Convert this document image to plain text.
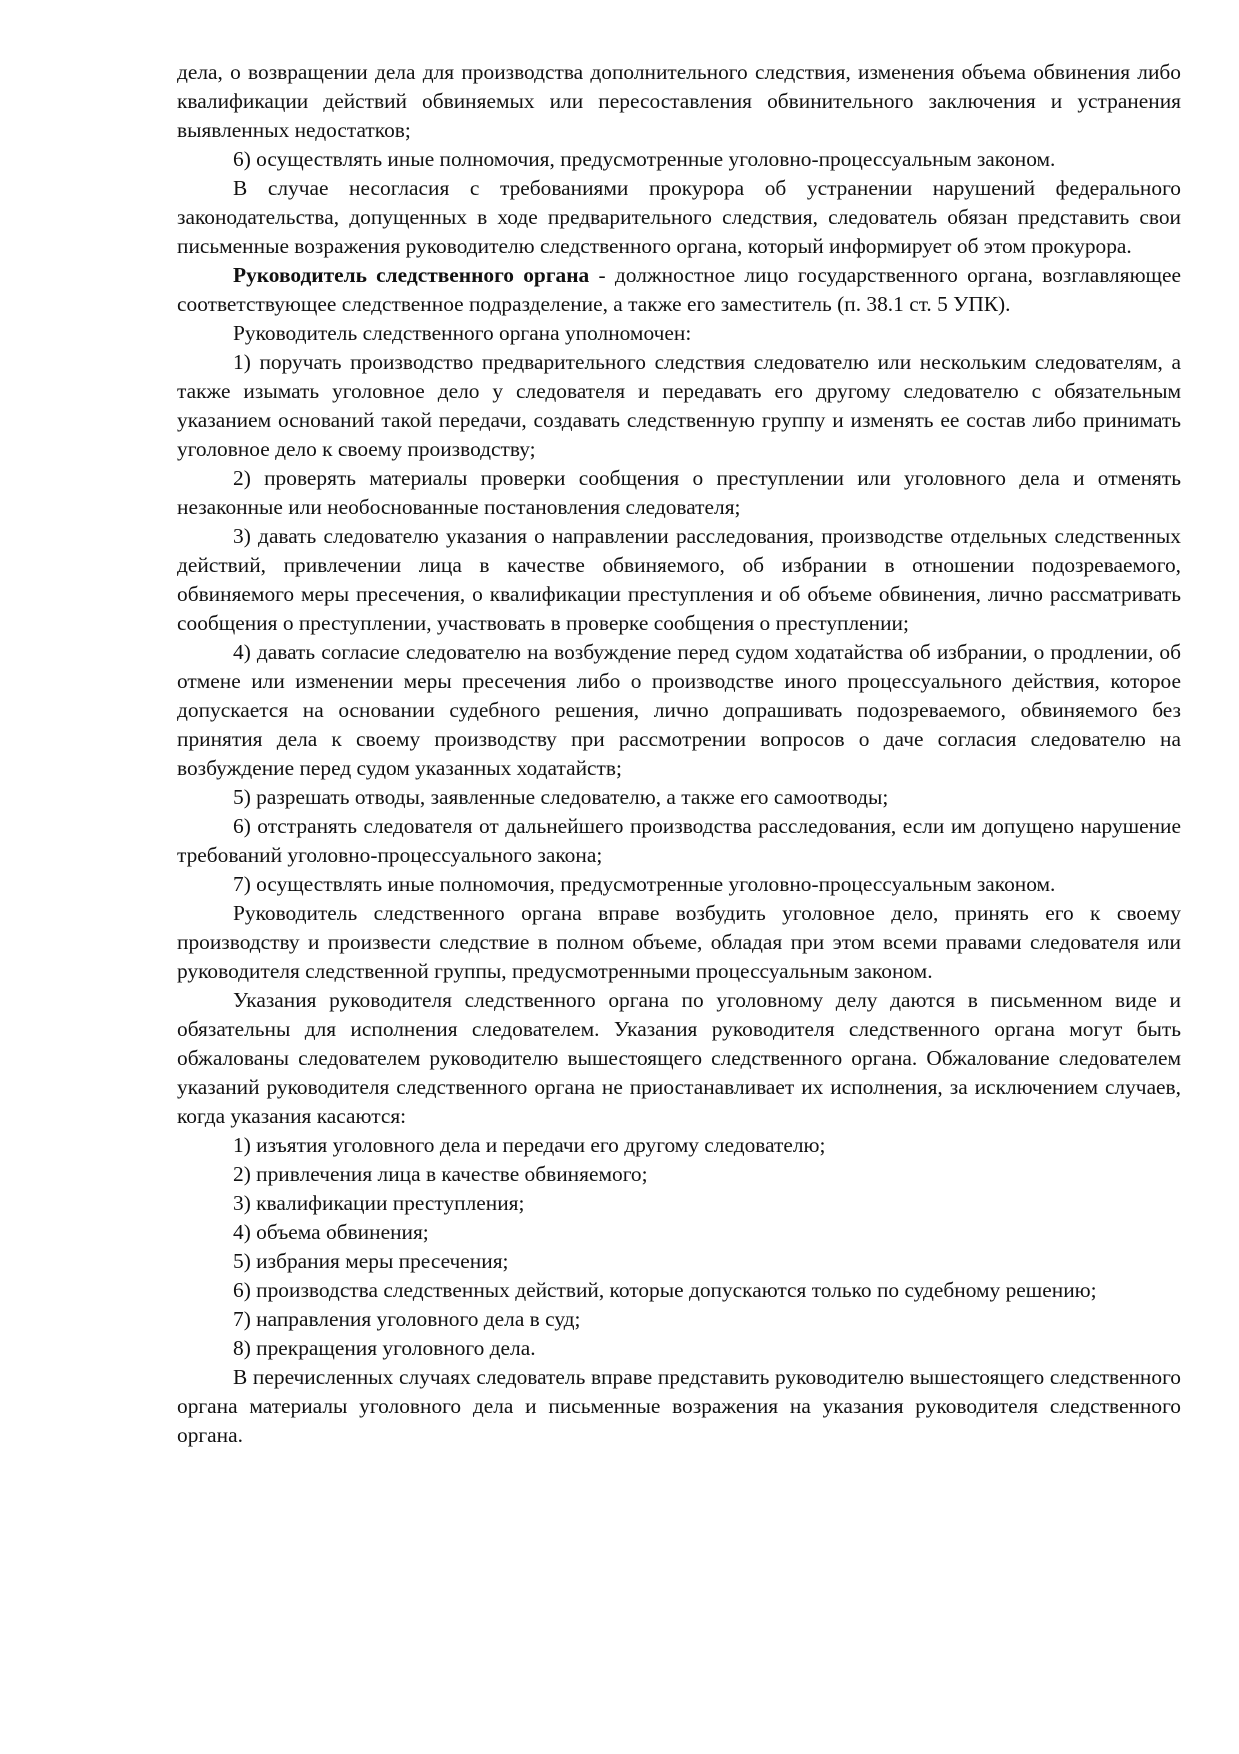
дела, о возвращении дела для производства дополнительного следствия, изменения объема обвинения либо квалификации действий обвиняемых или пересоставления обвинительного заключения и устранения выявленных недостатков;

6) осуществлять иные полномочия, предусмотренные уголовно-процессуальным законом.

В случае несогласия с требованиями прокурора об устранении нарушений федерального законодательства, допущенных в ходе предварительного следствия, следователь обязан представить свои письменные возражения руководителю следственного органа, который информирует об этом прокурора.

Руководитель следственного органа - должностное лицо государственного органа, возглавляющее соответствующее следственное подразделение, а также его заместитель (п. 38.1 ст. 5 УПК).

Руководитель следственного органа уполномочен:

1) поручать производство предварительного следствия следователю или нескольким следователям, а также изымать уголовное дело у следователя и передавать его другому следователю с обязательным указанием оснований такой передачи, создавать следственную группу и изменять ее состав либо принимать уголовное дело к своему производству;

2) проверять материалы проверки сообщения о преступлении или уголовного дела и отменять незаконные или необоснованные постановления следователя;

3) давать следователю указания о направлении расследования, производстве отдельных следственных действий, привлечении лица в качестве обвиняемого, об избрании в отношении подозреваемого, обвиняемого меры пресечения, о квалификации преступления и об объеме обвинения, лично рассматривать сообщения о преступлении, участвовать в проверке сообщения о преступлении;

4) давать согласие следователю на возбуждение перед судом ходатайства об избрании, о продлении, об отмене или изменении меры пресечения либо о производстве иного процессуального действия, которое допускается на основании судебного решения, лично допрашивать подозреваемого, обвиняемого без принятия дела к своему производству при рассмотрении вопросов о даче согласия следователю на возбуждение перед судом указанных ходатайств;

5) разрешать отводы, заявленные следователю, а также его самоотводы;

6) отстранять следователя от дальнейшего производства расследования, если им допущено нарушение требований уголовно-процессуального закона;

7) осуществлять иные полномочия, предусмотренные уголовно-процессуальным законом.

Руководитель следственного органа вправе возбудить уголовное дело, принять его к своему производству и произвести следствие в полном объеме, обладая при этом всеми правами следователя или руководителя следственной группы, предусмотренными процессуальным законом.

Указания руководителя следственного органа по уголовному делу даются в письменном виде и обязательны для исполнения следователем. Указания руководителя следственного органа могут быть обжалованы следователем руководителю вышестоящего следственного органа. Обжалование следователем указаний руководителя следственного органа не приостанавливает их исполнения, за исключением случаев, когда указания касаются:

1) изъятия уголовного дела и передачи его другому следователю;

2) привлечения лица в качестве обвиняемого;

3) квалификации преступления;

4) объема обвинения;

5) избрания меры пресечения;

6) производства следственных действий, которые допускаются только по судебному решению;

7) направления уголовного дела в суд;

8) прекращения уголовного дела.

В перечисленных случаях следователь вправе представить руководителю вышестоящего следственного органа материалы уголовного дела и письменные возражения на указания руководителя следственного органа.
